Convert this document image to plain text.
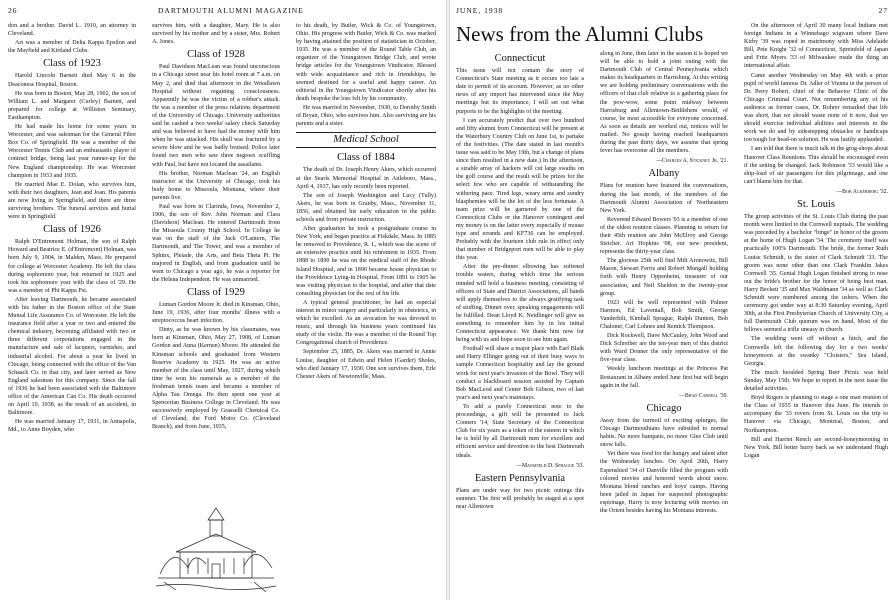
26	DARTMOUTH ALUMNI MAGAZINE

don and a brother. David L. 1910, an attorney in Cleveland.

Art was a member of Delta Kappa Epsilon and the Mayfield and Kirtland Clubs.

Class of 1923

Harold Lincoln Barnett died May 6 in the Deaconess Hospital, Boston.

He was born in Boston, May 28, 1902, the son of William L. and Margaret (Curley) Barnett, and prepared for college at Williston Seminary, Easthampton.

He had made his home for some years in Worcester, and was salesman for the General Fibre Box Co. of Springfield. He was a member of the Worcester Tennis Club and an enthusiastic player of contract bridge, being last year runner-up for the New England championship. He was Worcester champion in 1933 and 1935.

He married Mae E. Dolan, who survives him, with their two daughters, Jean and Joan. His parents are now living in Springfield, and there are three surviving brothers. The funeral services and burial were in Springfield.

Class of 1926

Ralph D'Entremont Holman, the son of Ralph Howard and Beatrice E. (d'Entremont) Holman, was born July 9, 1904, in Malden, Mass. He prepared for college at Worcester Academy. He left the class during sophomore year, but returned in 1925 and took his sophomore year with the class of '29. He was a member of Phi Kappa Psi.

After leaving Dartmouth, he became associated with his father in the Boston office of the State Mutual Life Assurance Co. of Worcester. He left the insurance field after a year or two and entered the chemical industry, becoming affiliated with two or three different corporations engaged in the manufacture and sale of lacquers, varnishes, and industrial alcohol. For about a year he lived in Chicago, being connected with the office of the Van Schaack Co. in that city, and later served as New England salesman for this company. Since the fall of 1936 he had been associated with the Baltimore office of the American Can Co. His death occurred on April 10, 1938, as the result of an accident, in Baltimore.

He was married January 17, 1931, in Annapolis, Md., to Anne Boyden, who

survives him, with a daughter, Mary. He is also survived by his mother and by a sister, Mrs. Robert A. Jones.

Class of 1928

Paul Davidson MacLean was found unconscious in a Chicago street near his hotel room at 7 a.m. on May 2, and died that afternoon in the Woodlawn Hospital without regaining consciousness. Apparently he was the victim of a robber's attack. He was a member of the press relations department of the University of Chicago. University authorities said he cashed a two weeks' salary check Saturday and was believed to have had the money with him when he was attacked. His skull was fractured by a severe blow and he was badly bruised. Police later found two men who saw three negroes scuffling with Paul, but have not located the assailants.

His brother, Norman Maclean '24, an English instructor at the University of Chicago, took his body home to Missoula, Montana, where their parents live.

Paul was born in Clarinda, Iowa, November 2, 1906, the son of Rev. John Norman and Clara (Davidson) Maclean. He entered Dartmouth from the Missoula County High School. In College he was on the staff of the Jack O'Lantern, The Dartmouth, and The Tower, and was a member of Sphinx, Pleiade, the Arts, and Beta Theta Pi. He majored in English, and from graduation until he went to Chicago a year ago, he was a reporter for the Helena Independent. He was unmarried.

Class of 1929

Luman Gordon Moore Jr. died in Kinsman, Ohio, June 19, 1936, after four months' illness with a streptococcus heart infection.

Dinty, as he was known by his classmates, was born at Kinsman, Ohio, May 27, 1908, of Luman Gordon and Anna (Kernen) Moore. He attended the Kinsman schools and graduated from Western Reserve Academy in 1925. He was an active member of the class until May, 1927, during which time he won his numerals as a member of the freshman tennis team and became a member of Alpha Tau Omega. He then spent one year at Spencerian Business College in Cleveland. He was successively employed by Grasselli Chemical Co. of Cleveland, the Ford Motor Co. (Cleveland Branch), and from June, 1935,

to his death, by Butler, Wick & Co. of Youngstown, Ohio. His progress with Butler, Wick & Co. was marked by having attained the position of statistician in October, 1935. He was a member of the Round Table Club, an organizer of the Youngstown Bridge Club, and wrote bridge articles for the Youngstown Vindicator. Blessed with wide acquaintance and rich in friendships, he seemed destined for a useful and happy career. An editorial in the Youngstown Vindicator shortly after his death bespoke the loss felt by his community.

He was married in November, 1930, to Dorothy Smith of Bryan, Ohio, who survives him. Also surviving are his parents and a sister.

Medical School
Class of 1884

The death of Dr. Joseph Henry Akers, which occurred at the Searls Memorial Hospital in Attleboro, Mass., April 4, 1937, has only recently been reported.

The son of Joseph Washington and Lucy (Tully) Akers, he was born in Granby, Mass., November 11, 1856, and obtained his early education in the public schools and from private instruction.

After graduation he took a postgraduate course in New York, and began practice at Fiskdale, Mass. In 1885 he removed to Providence, R. I., which was the scene of an extensive practice until his retirement in 1935. From 1888 to 1890 he was on the medical staff of the Rhode Island Hospital, and in 1890 became house physician to the Providence Lying-in Hospital. From 1891 to 1905 he was visiting physician to the hospital, and after that date consulting physician for the rest of his life.

A typical general practitioner, he had an especial interest in minor surgery and particularly in obstetrics, in which he excelled. As an avocation he was devoted to music, and through his business years continued his study of the violin. He was a member of the Round Top Congregational church of Providence.

September 25, 1885, Dr. Akers was married to Annie Louise, daughter of Edwin and Helen (Garder) Sholes, who died January 17, 1930. One son survives them, Erle Chester Akers of Newtonville, Mass.

JUNE, 1938	27
News from the Alumni Clubs
Connecticut

This issue will not contain the story of Connecticut's State meeting as it occurs too late a date to permit of its account. However, as no other news of any import has intervened since the May meetings but its importance, I will set out what purports to be the highlights of the meeting.

I can accurately predict that over two hundred and fifty alumni from Connecticut will be present at the Waterbury Country Club on June 1st, to partake of the festivities. (The date stated in last month's issue was said to be May 19th, but a change of plans since then resulted in a new date.) In the afternoon, a sizable array of hackers will cut large swaths on the golf course and the result will be prizes for the select few who are capable of withstanding the withering pace. Tired legs, weary arms and sundry blasphemies will be the lot of the less fortunate. A team prize will be garnered by one of the Connecticut Clubs or the Hanover contingent and my money is on the latter every especially if mouse type and errands and KF736 can be employed. Probably with the fourteen club rule in effect only that number of Bridgeport men will be able to play this year.

After the pre-dinner elbowing has softened trouble waters, during which time the serious minded will hold a business meeting, consisting of officers of State and District Associations, all hands will apply themselves to the always gratifying task of stuffing. Dinner over, speaking engagements will be fulfilled. Dean Lloyd K. Neidlinger will give us something to remember him by in his initial Connecticut appearance. We thank him now for being with us and hope soon to see him again.

Football will share a major place with Earl Blaik and Harry Ellinger going out of their busy ways to sample Connecticut hospitality and lay the ground work for next year's invasion of the Bowl. They will conduct a blackboard session assisted by Captain Bob MacLeod and Center Bob Gibson, two of last year's and next year's mainstays.

To add a purely Connecticut note to the proceedings, a gift will be presented to Jack Conners '14, State Secretary of the Connecticut Club for six years as a token of the esteem in which he is held by all Dartmouth men for excellent and efficient service and devotion to the best Dartmouth ideals.

—Mansfield D. Sprague '33.
Eastern Pennsylvania

Plans are under way for two picnic outings this summer. The first will probably be staged at a spot near Allentown

along in June, then later in the season it is hoped we will be able to hold a joint outing with the Dartmouth Club of Central Pennsylvania which makes its headquarters in Harrisburg. At this writing we are holding preliminary conversations with the officers of that club relative to a gathering place for the pow-wow, some point midway between Harrisburg and Allentown-Bethlehem would, of course, be most accessible for everyone concerned. As soon as details are worked out, notices will be mailed. No gossip having reached headquarters during the past thirty days, we assume that spring fever has overcome all the members.

—Charles A. Stickney Jr. '21.
Albany

Plans for reunion have featured the conversations, during the last month, of the members of the Dartmouth Alumni Association of Northeastern New York.

Reverend Edward Bowers '93 is a member of one of the oldest reunion classes. Planning to return for their 45th reunion are John McElroy and George Steicher. Art Hopkins '08, our new president, represents the thirty-year class.

The glorious 25th will find Milt Aronowitz, Bill Mason, Stewart Ferris and Robert Mungall holding forth with Henry Oppenheim, treasurer of our association, and Neil Sheldon in the twenty-year group.

1923 will be well represented with Palmer Harmon, Ed Laventall, Bob Smith, George Vanderbilt, Kimball Sprague, Ralph Dunton, Bob Chaloner, Carl Lohnes and Remick Thompson.

Dick Rockwell, Dave McCauley, John Wood and Dick Schreiber are the ten-year men of this district with Ward Donner the only representative of the five-year class.

Weekly luncheon meetings at the Princess Pat Restaurant in Albany ended June first but will begin again in the fall.

—Brad Carnell '30.
Chicago

Away from the turmoil of exciting splurges, the Chicago Dartmouthians have subsided to normal habits. No more banquets, no more Glee Club until snow falls.

Yet there was food for the hungry and talent after the Wednesday lunches. On April 20th, Harry Espenshied '34 of Danville filled the program with colored movies and honored words about snow. Montana blond ranches and boys' camps. Having been jailed in Japan for suspected photographic espionage, Harry is now lecturing with movies on the Orient besides having his Montana interests.

On the afternoon of April 30 many local Indians met foreign Indians in a Winnebago wigwam where Dave Kirby '39 was roped in matrimony with Miss Adelaide Bill, Pete Knight '32 of Connecticut, Spreinfeld of Japan and Fritz Myers '33 of Milwaukee made the thing an international affair.

Came another Wednesday on May 4th with a prize pupil of world famous Dr. Adler of Vienna in the person of Dr. Perry Robert, chief of the Behavior Clinic of the Chicago Criminal Court. Not remembering any of his audience as former cases, Dr. Rohrer remarked that life was short, that we should waste none of it now, that we should exercise individual abilities and interests in the work we do and by sidestepping obstacles or handicaps too tough for head-on solution. He was lustily applauded.

I am told that there is much talk in the grog-shops about Hanover Class Reunions. This should be encouraged even if the setting be changed. Jack Robinson '33 would like a ship-load of air passengers for this pilgrimage, and one can't blame him for that.

—Bob Ackerberg '32.
St. Louis

The group activities of the St. Louis Club during the past month were limited to the Cornwell nuptials. The wedding was preceded by a bachelor "binge" in honor of the groom at the home of Hugh Logan '34. The ceremony itself was practically 100% Dartmouth. The bride, the former Ruth Louise Schmidt, is the sister of Clark Schmidt '33. The groom was none other than one Clark Franklin Jakes Cornwell '35. Genial Hugh Logan finished strong to nose out the bride's brother for the honor of being best man. Harry Beckett '35 and Max Waldmann '34 as well as Clark Schmidt were numbered among the ushers. When the ceremony got under way at 8:30 Saturday evening, April 30th, at the First Presbyterian Church of University City, a full Dartmouth Club quorum was on hand. Most of the fellows seemed a trifle uneasy in church.

The wedding went off without a hitch, and the Cornwells left the following day for a two weeks' honeymoon at the swanky "Cloisters," Sea Island, Georgia.

The much heralded Spring Beer Picnic was held Sunday, May 15th. We hope to report in the next issue the detailed activities.

Boyd Rogers is planning to stage a one man reunion of the Class of 1935 in Hanover this June. He intends to accompany the '33 rovers from St. Louis on the trip to Hanover via Chicago, Montreal, Boston, and Northampton.

Bill and Harriet Rench are second-honeymooning in New York. Bill better hurry back as we understand Hugh Logan
